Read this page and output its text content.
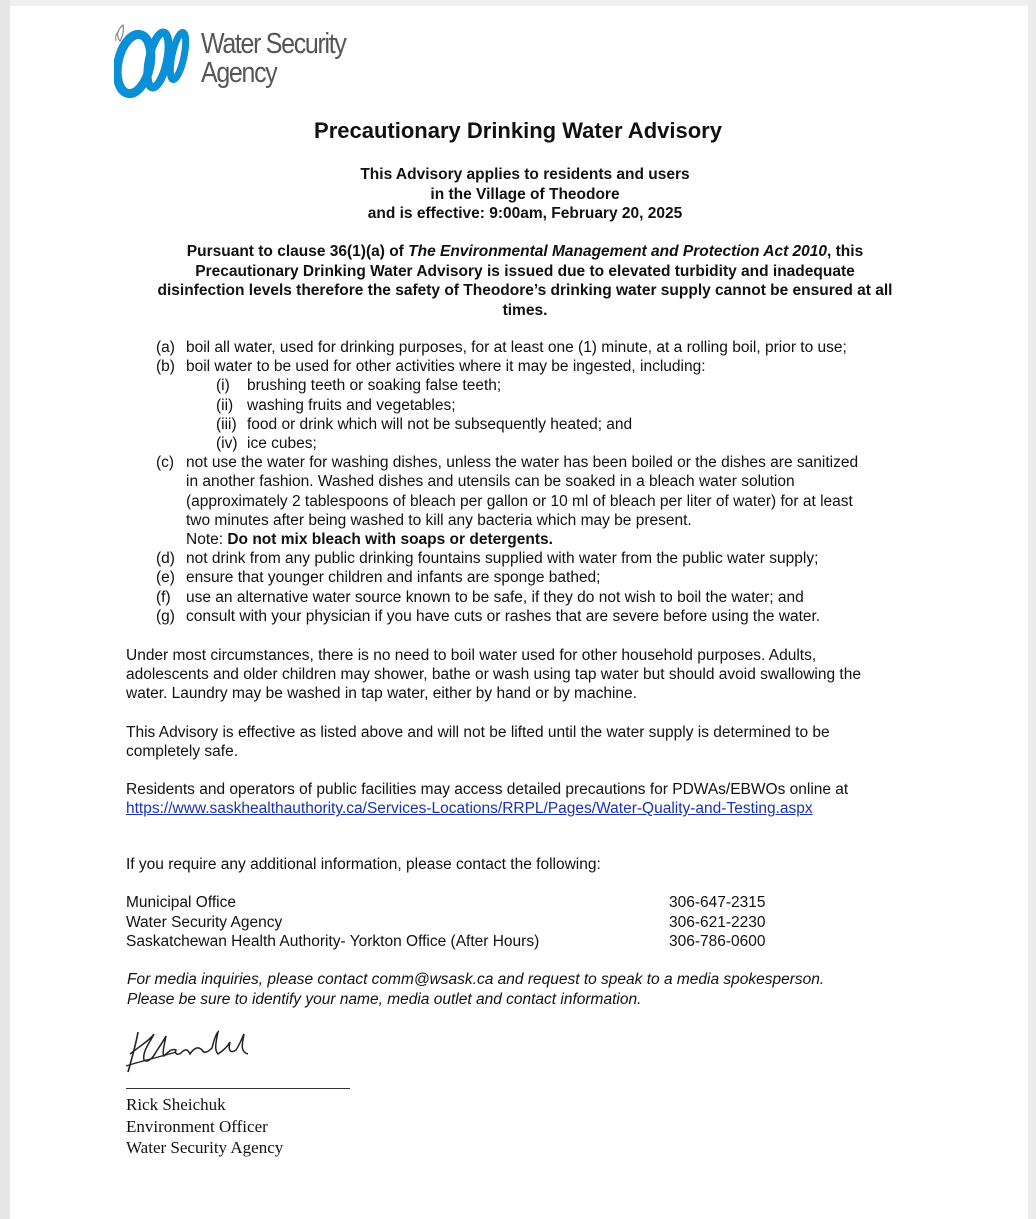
Water Security
Agency
Precautionary Drinking Water Advisory
This Advisory applies to residents and users
in the Village of Theodore
and is effective: 9:00am, February 20, 2025
Pursuant to clause 36(1)(a) of The Environmental Management and Protection Act 2010, this
Precautionary Drinking Water Advisory is issued due to elevated turbidity and inadequate
disinfection levels therefore the safety of Theodore’s drinking water supply cannot be ensured at all
times.
(a) boil all water, used for drinking purposes, for at least one (1) minute, at a rolling boil, prior to use;
(b) boil water to be used for other activities where it may be ingested, including:
(i) brushing teeth or soaking false teeth;
(ii) washing fruits and vegetables;
(iii) food or drink which will not be subsequently heated; and
(iv) ice cubes;
(c) not use the water for washing dishes, unless the water has been boiled or the dishes are sanitized
in another fashion. Washed dishes and utensils can be soaked in a bleach water solution
(approximately 2 tablespoons of bleach per gallon or 10 ml of bleach per liter of water) for at least
two minutes after being washed to kill any bacteria which may be present.
Note: Do not mix bleach with soaps or detergents.
(d) not drink from any public drinking fountains supplied with water from the public water supply;
(e) ensure that younger children and infants are sponge bathed;
(f) use an alternative water source known to be safe, if they do not wish to boil the water; and
(g) consult with your physician if you have cuts or rashes that are severe before using the water.
Under most circumstances, there is no need to boil water used for other household purposes. Adults,
adolescents and older children may shower, bathe or wash using tap water but should avoid swallowing the
water. Laundry may be washed in tap water, either by hand or by machine.
This Advisory is effective as listed above and will not be lifted until the water supply is determined to be
completely safe.
Residents and operators of public facilities may access detailed precautions for PDWAs/EBWOs online at
https://www.saskhealthauthority.ca/Services-Locations/RRPL/Pages/Water-Quality-and-Testing.aspx
If you require any additional information, please contact the following:
Municipal Office	306-647-2315
Water Security Agency	306-621-2230
Saskatchewan Health Authority- Yorkton Office (After Hours)	306-786-0600
For media inquiries, please contact comm@wsask.ca and request to speak to a media spokesperson.
Please be sure to identify your name, media outlet and contact information.
Rick Sheichuk
Environment Officer
Water Security Agency
